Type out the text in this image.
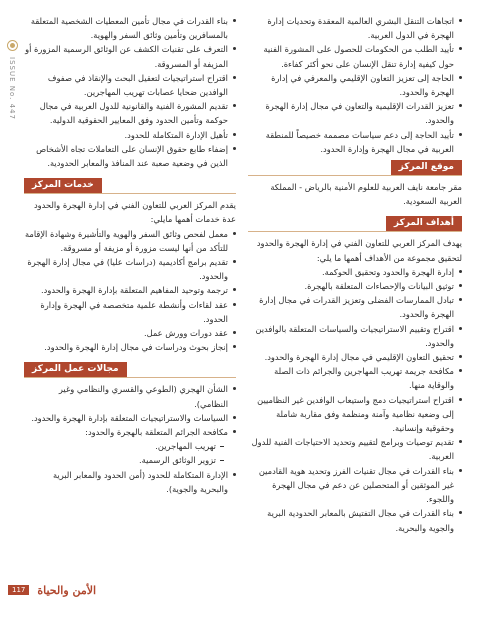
ISSUE No. 447
اتجاهات التنقل البشري العالمية المعقدة وتحديات إدارة الهجرة في الدول العربية.
تأييد الطلب من الحكومات للحصول على المشورة الفنية حول كيفية إدارة تنقل الإنسان على نحو أكثر كفاءة.
الحاجة إلى تعزيز التعاون الإقليمي والمعرفي في إدارة الهجرة والحدود.
تعزيز القدرات الإقليمية والتعاون في مجال إدارة الهجرة والحدود.
تأييد الحاجة إلى دعم سياسات مصممة خصيصاً للمنطقة العربية في مجال الهجرة وإدارة الحدود.
موقع المركز

مقر جامعة نايف العربية للعلوم الأمنية بالرياض - المملكة العربية السعودية.

أهداف المركز

يهدف المركز العربي للتعاون الفني في إدارة الهجرة والحدود لتحقيق مجموعة من الأهداف أهمها ما يلي:

إدارة الهجرة والحدود وتحقيق الحوكمة.
توثيق البيانات والإحصاءات المتعلقة بالهجرة.
تبادل الممارسات الفضلى وتعزيز القدرات في مجال إدارة الهجرة والحدود.
اقتراح وتقييم الاستراتيجيات والسياسات المتعلقة بالوافدين والحدود.
تحقيق التعاون الإقليمي في مجال إدارة الهجرة والحدود.
مكافحة جريمة تهريب المهاجرين والجرائم ذات الصلة والوقاية منها.
اقتراح استراتيجيات دمج واستيعاب الوافدين غير النظاميين إلى وضعية نظامية وآمنة ومنظمة وفق مقاربة شاملة وحقوقية وإنسانية.
تقديم توصيات وبرامج لتقييم وتحديد الاحتياجات الفنية للدول العربية.
بناء القدرات في مجال تقنيات الفرز وتحديد هوية القادمين غير الموثقين أو المتحصلين عن دعم في مجال الهجرة واللجوء.
بناء القدرات في مجال التفتيش بالمعابر الحدودية البرية والجوية والبحرية.
بناء القدرات في مجال تأمين المعطيات الشخصية المتعلقة بالمسافرين وتأمين وثائق السفر والهوية.
التعرف على تقنيات الكشف عن الوثائق الرسمية المزورة أو المزيفة أو المسروقة.
اقتراح استراتيجيات لتعقيل البحث والإنقاذ في صفوف الوافدين ضحايا عصابات تهريب المهاجرين.
تقديم المشورة الفنية والقانونية للدول العربية في مجال حوكمة وتأمين الحدود وفق المعايير الحقوقية الدولية.
تأهيل الإدارة المتكاملة للحدود.
إضفاء طابع حقوق الإنسان على التعاملات تجاه الأشخاص الذين في وضعية صعبة عند المنافذ والمعابر الحدودية.
خدمات المركز

يقدم المركز العربي للتعاون الفني في إدارة الهجرة والحدود عدة خدمات أهمها مايلي:

معمل لفحص وثائق السفر والهوية والتأشيرة وشهادة الإقامة للتأكد من أنها ليست مزورة أو مزيفة أو مسروقة.
تقديم برامج أكاديمية (دراسات عليا) في مجال إدارة الهجرة والحدود.
ترجمة وتوحيد المفاهيم المتعلقة بإدارة الهجرة والحدود.
عقد لقاءات وأنشطة علمية متخصصة في الهجرة وإدارة الحدود.
عقد دورات وورش عمل.
إنجاز بحوث ودراسات في مجال إدارة الهجرة والحدود.
مجالات عمل المركز
الشأن الهجري (الطوعي والقسري والنظامي وغير النظامي).
السياسات والاستراتيجيات المتعلقة بإدارة الهجرة والحدود.
مكافحة الجرائم المتعلقة بالهجرة والحدود:
تهريب المهاجرين.
تزوير الوثائق الرسمية.
الإدارة المتكاملة للحدود (أمن الحدود والمعابر البرية والبحرية والجوية).
117	الأمن والحياة
